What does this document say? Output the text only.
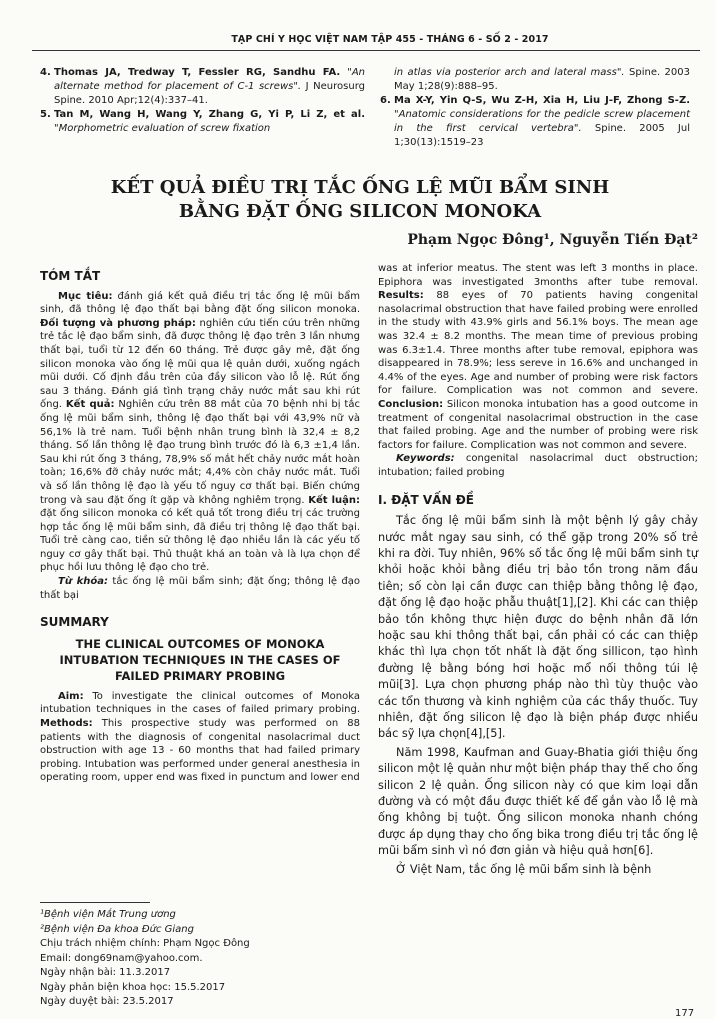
TẠP CHÍ Y HỌC VIỆT NAM TẬP 455 - THÁNG 6 - SỐ 2 - 2017
4. Thomas JA, Tredway T, Fessler RG, Sandhu FA. "An alternate method for placement of C-1 screws". J Neurosurg Spine. 2010 Apr;12(4):337–41.
5. Tan M, Wang H, Wang Y, Zhang G, Yi P, Li Z, et al. "Morphometric evaluation of screw fixation
in atlas via posterior arch and lateral mass". Spine. 2003 May 1;28(9):888–95.
6. Ma X-Y, Yin Q-S, Wu Z-H, Xia H, Liu J-F, Zhong S-Z. "Anatomic considerations for the pedicle screw placement in the first cervical vertebra". Spine. 2005 Jul 1;30(13):1519–23
KẾT QUẢ ĐIỀU TRỊ TẮC ỐNG LỆ MŨI BẨM SINH
BẰNG ĐẶT ỐNG SILICON MONOKA
Phạm Ngọc Đông¹, Nguyễn Tiến Đạt²
TÓM TẮT

Mục tiêu: đánh giá kết quả điều trị tắc ống lệ mũi bẩm sinh, đã thông lệ đạo thất bại bằng đặt ống silicon monoka. Đối tượng và phương pháp: nghiên cứu tiến cứu trên những trẻ tắc lệ đạo bẩm sinh, đã được thông lệ đạo trên 3 lần nhưng thất bại, tuổi từ 12 đến 60 tháng. Trẻ được gây mê, đặt ống silicon monoka vào ống lệ mũi qua lệ quản dưới, xuống ngách mũi dưới. Cố định đầu trên của đầy silicon vào lỗ lệ. Rút ống sau 3 tháng. Đánh giá tình trạng chảy nước mắt sau khi rút ống. Kết quả: Nghiên cứu trên 88 mắt của 70 bệnh nhi bị tắc ống lệ mũi bẩm sinh, thông lệ đạo thất bại với 43,9% nữ và 56,1% là trẻ nam. Tuổi bệnh nhân trung bình là 32,4 ± 8,2 tháng. Số lần thông lệ đạo trung bình trước đó là 6,3 ±1,4 lần. Sau khi rút ống 3 tháng, 78,9% số mắt hết chảy nước mắt hoàn toàn; 16,6% đỡ chảy nước mắt; 4,4% còn chảy nước mắt. Tuổi và số lần thông lệ đạo là yếu tố nguy cơ thất bại. Biến chứng trong và sau đặt ống ít gặp và không nghiêm trọng. Kết luận: đặt ống silicon monoka có kết quả tốt trong điều trị các trường hợp tắc ống lệ mũi bẩm sinh, đã điều trị thông lệ đạo thất bại. Tuổi trẻ càng cao, tiền sử thông lệ đạo nhiều lần là các yếu tố nguy cơ gây thất bại. Thủ thuật khá an toàn và là lựa chọn để phục hồi lưu thông lệ đạo cho trẻ.

Từ khóa: tắc ống lệ mũi bẩm sinh; đặt ống; thông lệ đạo thất bại

SUMMARY
THE CLINICAL OUTCOMES OF MONOKA INTUBATION TECHNIQUES IN THE CASES OF FAILED PRIMARY PROBING

Aim: To investigate the clinical outcomes of Monoka intubation techniques in the cases of failed primary probing. Methods: This prospective study was performed on 88 patients with the diagnosis of congenital nasolacrimal duct obstruction with age 13 - 60 months that had failed primary probing. Intubation was performed under general anesthesia in operating room, upper end was fixed in punctum and lower end

¹Bệnh viện Mắt Trung ương
²Bệnh viện Đa khoa Đức Giang
Chịu trách nhiệm chính: Phạm Ngọc Đông
Email: dong69nam@yahoo.com.
Ngày nhận bài: 11.3.2017
Ngày phản biện khoa học: 15.5.2017
Ngày duyệt bài: 23.5.2017

was at inferior meatus. The stent was left 3 months in place. Epiphora was investigated 3months after tube removal. Results: 88 eyes of 70 patients having congenital nasolacrimal obstruction that have failed probing were enrolled in the study with 43.9% girls and 56.1% boys. The mean age was 32.4 ± 8.2 months. The mean time of previous probing was 6.3±1.4. Three months after tube removal, epiphora was disappeared in 78.9%; less sereve in 16.6% and unchanged in 4.4% of the eyes. Age and number of probing were risk factors for failure. Complication was not common and severe. Conclusion: Silicon monoka intubation has a good outcome in treatment of congenital nasolacrimal obstruction in the case that failed probing. Age and the number of probing were risk factors for failure. Complication was not common and severe.

Keywords: congenital nasolacrimal duct obstruction; intubation; failed probing

I. ĐẶT VẤN ĐỀ

Tắc ống lệ mũi bẩm sinh là một bệnh lý gây chảy nước mắt ngay sau sinh, có thể gặp trong 20% số trẻ khi ra đời. Tuy nhiên, 96% số tắc ống lệ mũi bẩm sinh tự khỏi hoặc khỏi bằng điều trị bảo tồn trong năm đầu tiên; số còn lại cần được can thiệp bằng thông lệ đạo, đặt ống lệ đạo hoặc phẫu thuật[1],[2]. Khi các can thiệp bảo tồn không thực hiện được do bệnh nhân đã lớn hoặc sau khi thông thất bại, cần phải có các can thiệp khác thì lựa chọn tốt nhất là đặt ống sillicon, tạo hình đường lệ bằng bóng hơi hoặc mổ nối thông túi lệ mũi[3]. Lựa chọn phương pháp nào thì tùy thuộc vào các tổn thương và kinh nghiệm của các thầy thuốc. Tuy nhiên, đặt ống silicon lệ đạo là biện pháp được nhiều bác sỹ lựa chọn[4],[5].

Năm 1998, Kaufman and Guay-Bhatia giới thiệu ống silicon một lệ quản như một biện pháp thay thế cho ống silicon 2 lệ quản. Ống silicon này có que kim loại dẫn đường và có một đầu được thiết kế để gắn vào lỗ lệ mà ống không bị tuột. Ống silicon monoka nhanh chóng được áp dụng thay cho ống bika trong điều trị tắc ống lệ mũi bẩm sinh vì nó đơn giản và hiệu quả hơn[6].

Ở Việt Nam, tắc ống lệ mũi bẩm sinh là bệnh

177
